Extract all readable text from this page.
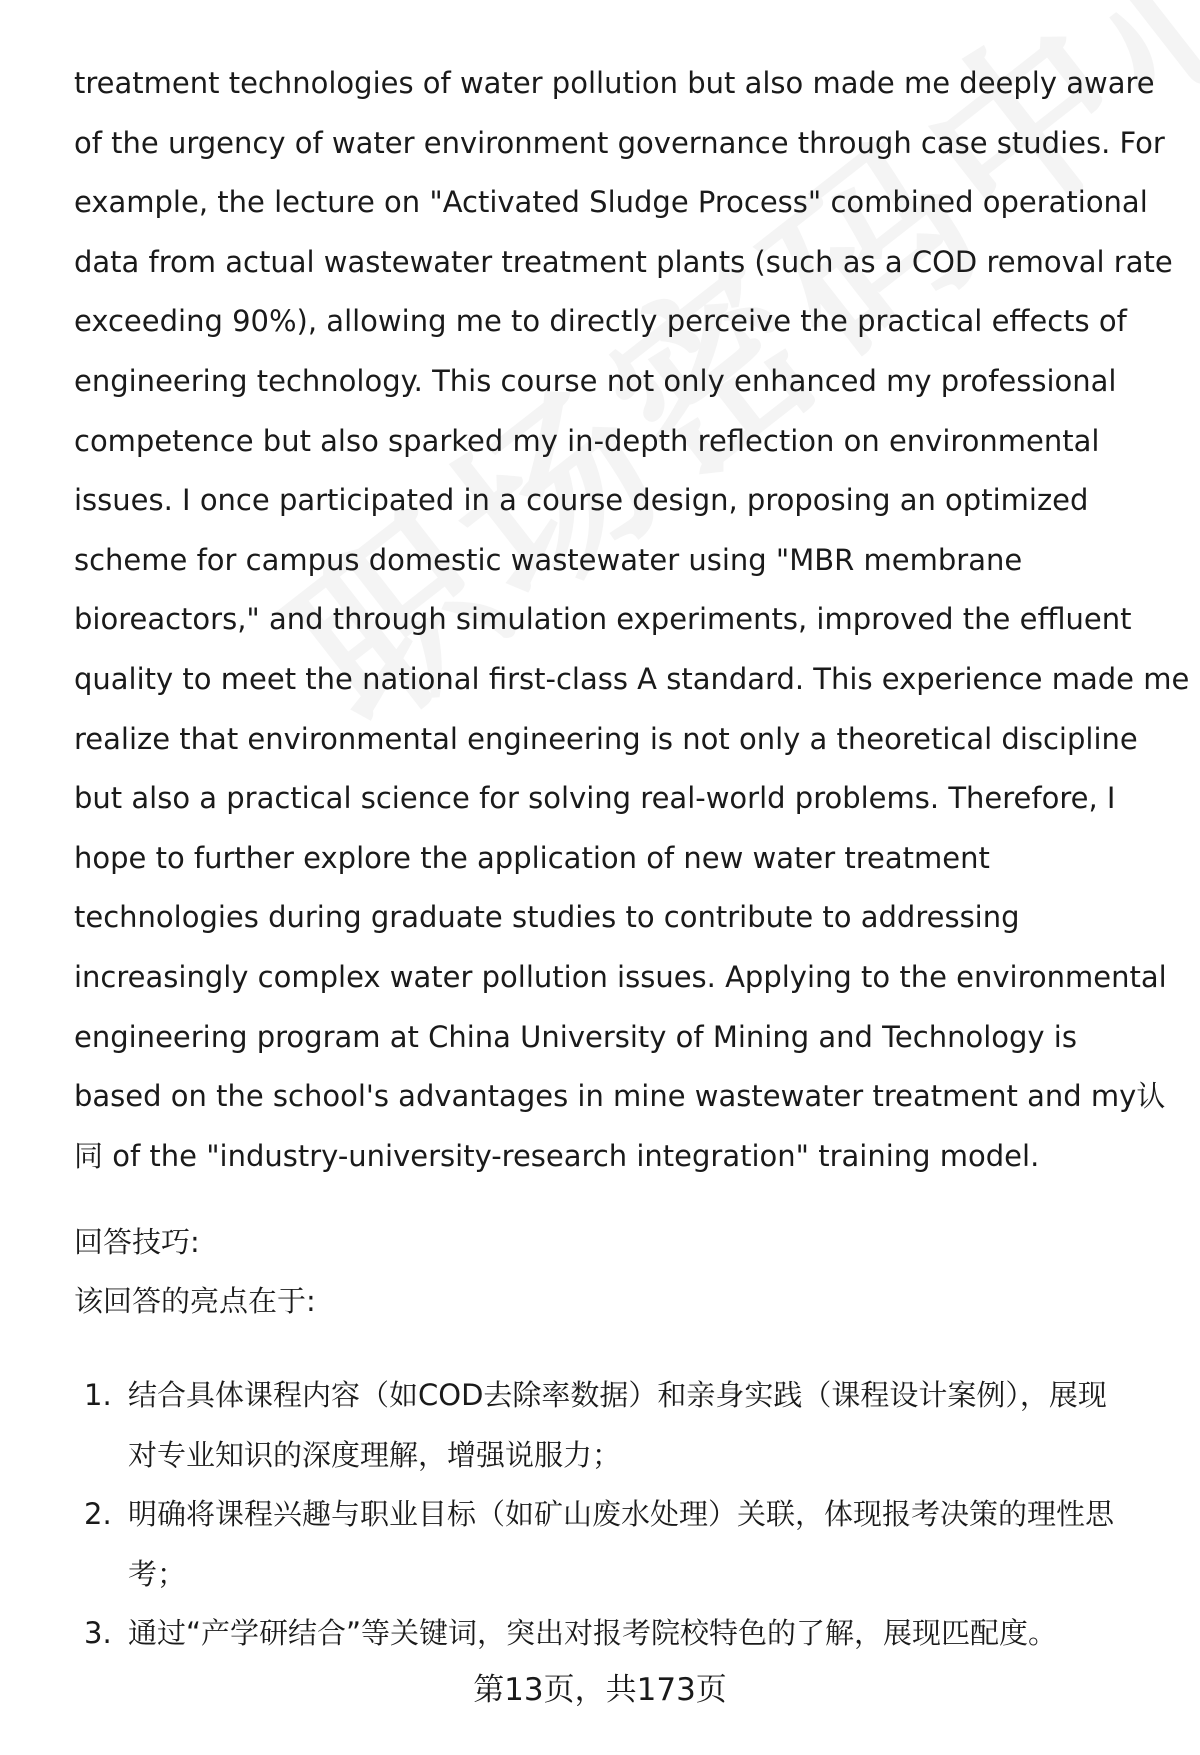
treatment technologies of water pollution but also made me deeply aware
of the urgency of water environment governance through case studies. For
example, the lecture on "Activated Sludge Process" combined operational
data from actual wastewater treatment plants (such as a COD removal rate
exceeding 90%), allowing me to directly perceive the practical effects of
engineering technology. This course not only enhanced my professional
competence but also sparked my in-depth reflection on environmental
issues. I once participated in a course design, proposing an optimized
scheme for campus domestic wastewater using "MBR membrane
bioreactors," and through simulation experiments, improved the effluent
quality to meet the national first-class A standard. This experience made me
realize that environmental engineering is not only a theoretical discipline
but also a practical science for solving real-world problems. Therefore, I
hope to further explore the application of new water treatment
technologies during graduate studies to contribute to addressing
increasingly complex water pollution issues. Applying to the environmental
engineering program at China University of Mining and Technology is
based on the school's advantages in mine wastewater treatment and my认
同 of the "industry-university-research integration" training model.

回答技巧:
该回答的亮点在于:
1. 结合具体课程内容（如COD去除率数据）和亲身实践（课程设计案例），展现
对专业知识的深度理解，增强说服力；
2. 明确将课程兴趣与职业目标（如矿山废水处理）关联，体现报考决策的理性思
考；
3. 通过“产学研结合”等关键词，突出对报考院校特色的了解，展现匹配度。
第13页，共173页
